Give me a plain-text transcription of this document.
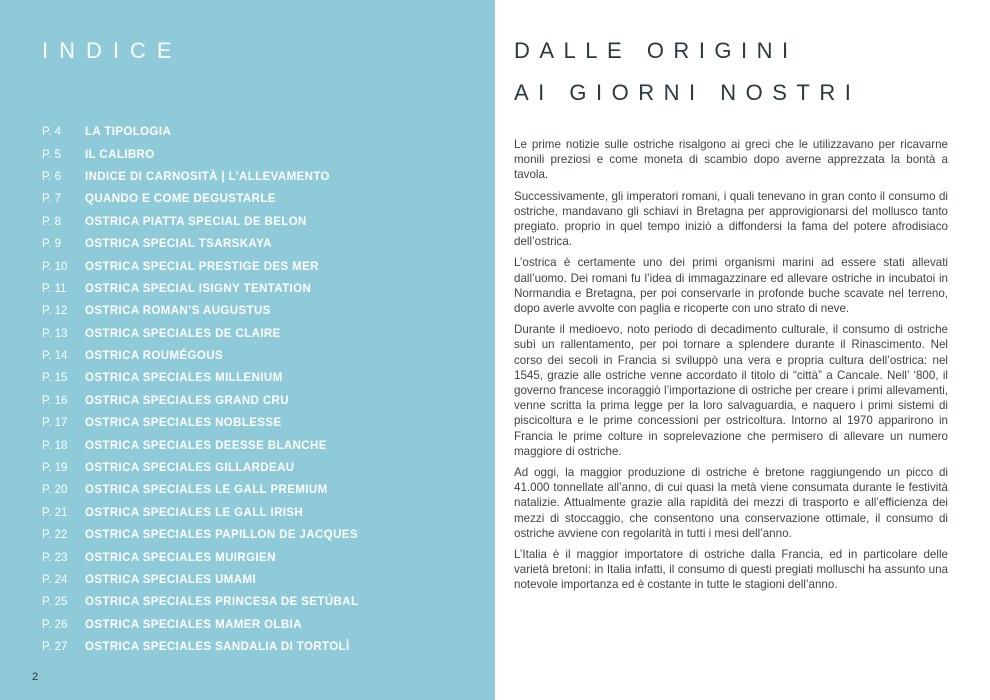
INDICE
P. 4	LA TIPOLOGIA
P. 5	IL CALIBRO
P. 6	INDICE DI CARNOSITÀ | L’ALLEVAMENTO
P. 7	QUANDO E COME DEGUSTARLE
P. 8	OSTRICA PIATTA SPECIAL DE BELON
P. 9	OSTRICA SPECIAL TSARSKAYA
P. 10	OSTRICA SPECIAL PRESTIGE DES MER
P. 11	OSTRICA SPECIAL ISIGNY TENTATION
P. 12	OSTRICA ROMAN’S AUGUSTUS
P. 13	OSTRICA SPECIALES DE CLAIRE
P. 14	OSTRICA ROUMÉGOUS
P. 15	OSTRICA SPECIALES MILLENIUM
P. 16	OSTRICA SPECIALES GRAND CRU
P. 17	OSTRICA SPECIALES NOBLESSE
P. 18	OSTRICA SPECIALES DEESSE BLANCHE
P. 19	OSTRICA SPECIALES GILLARDEAU
P. 20	OSTRICA SPECIALES LE GALL PREMIUM
P. 21	OSTRICA SPECIALES LE GALL IRISH
P. 22	OSTRICA SPECIALES PAPILLON DE JACQUES
P. 23	OSTRICA SPECIALES MUIRGIEN
P. 24	OSTRICA SPECIALES UMAMI
P. 25	OSTRICA SPECIALES PRINCESA DE SETÚBAL
P. 26	OSTRICA SPECIALES MAMER OLBIA
P. 27	OSTRICA SPECIALES SANDALIA DI TORTOLÌ
2
DALLE ORIGINI
AI GIORNI NOSTRI

Le prime notizie sulle ostriche risalgono ai greci che le utilizzavano per ricavarne monili preziosi e come moneta di scambio dopo averne apprezzata la bontà a tavola.

Successivamente, gli imperatori romani, i quali tenevano in gran conto il consumo di ostriche, mandavano gli schiavi in Bretagna per approvigionarsi del mollusco tanto pregiato. proprio in quel tempo iniziò a diffondersi la fama del potere afrodisiaco dell’ostrica.

L’ostrica è certamente uno dei primi organismi marini ad essere stati allevati dall’uomo. Dei romani fu l’idea di immagazzinare ed allevare ostriche in incubatoi in Normandia e Bretagna, per poi conservarle in profonde buche scavate nel terreno, dopo averle avvolte con paglia e ricoperte con uno strato di neve.

Durante il medioevo, noto periodo di decadimento culturale, il consumo di ostriche subì un rallentamento, per poi tornare a splendere durante il Rinascimento. Nel corso dei secoli in Francia si sviluppò una vera e propria cultura dell’ostrica: nel 1545, grazie alle ostriche venne accordato il titolo di “città” a Cancale. Nell’ ‘800, il governo francese incoraggiò l’importazione di ostriche per creare i primi allevamenti, venne scritta la prima legge per la loro salvaguardia, e naquero i primi sistemi di piscicoltura e le prime concessioni per ostricoltura. Intorno al 1970 apparirono in Francia le prime colture in soprelevazione che permisero di allevare un numero maggiore di ostriche.

Ad oggi, la maggior produzione di ostriche è bretone raggiungendo un picco di 41.000 tonnellate all’anno, di cui quasi la metà viene consumata durante le festività natalizie. Attualmente grazie alla rapidità dei mezzi di trasporto e all’efficienza dei mezzi di stoccaggio, che consentono una conservazione ottimale, il consumo di ostriche avviene con regolarità in tutti i mesi dell’anno.

L’Italia è il maggior importatore di ostriche dalla Francia, ed in particolare delle varietà bretoni: in Italia infatti, il consumo di questi pregiati molluschi ha assunto una notevole importanza ed è costante in tutte le stagioni dell’anno.
